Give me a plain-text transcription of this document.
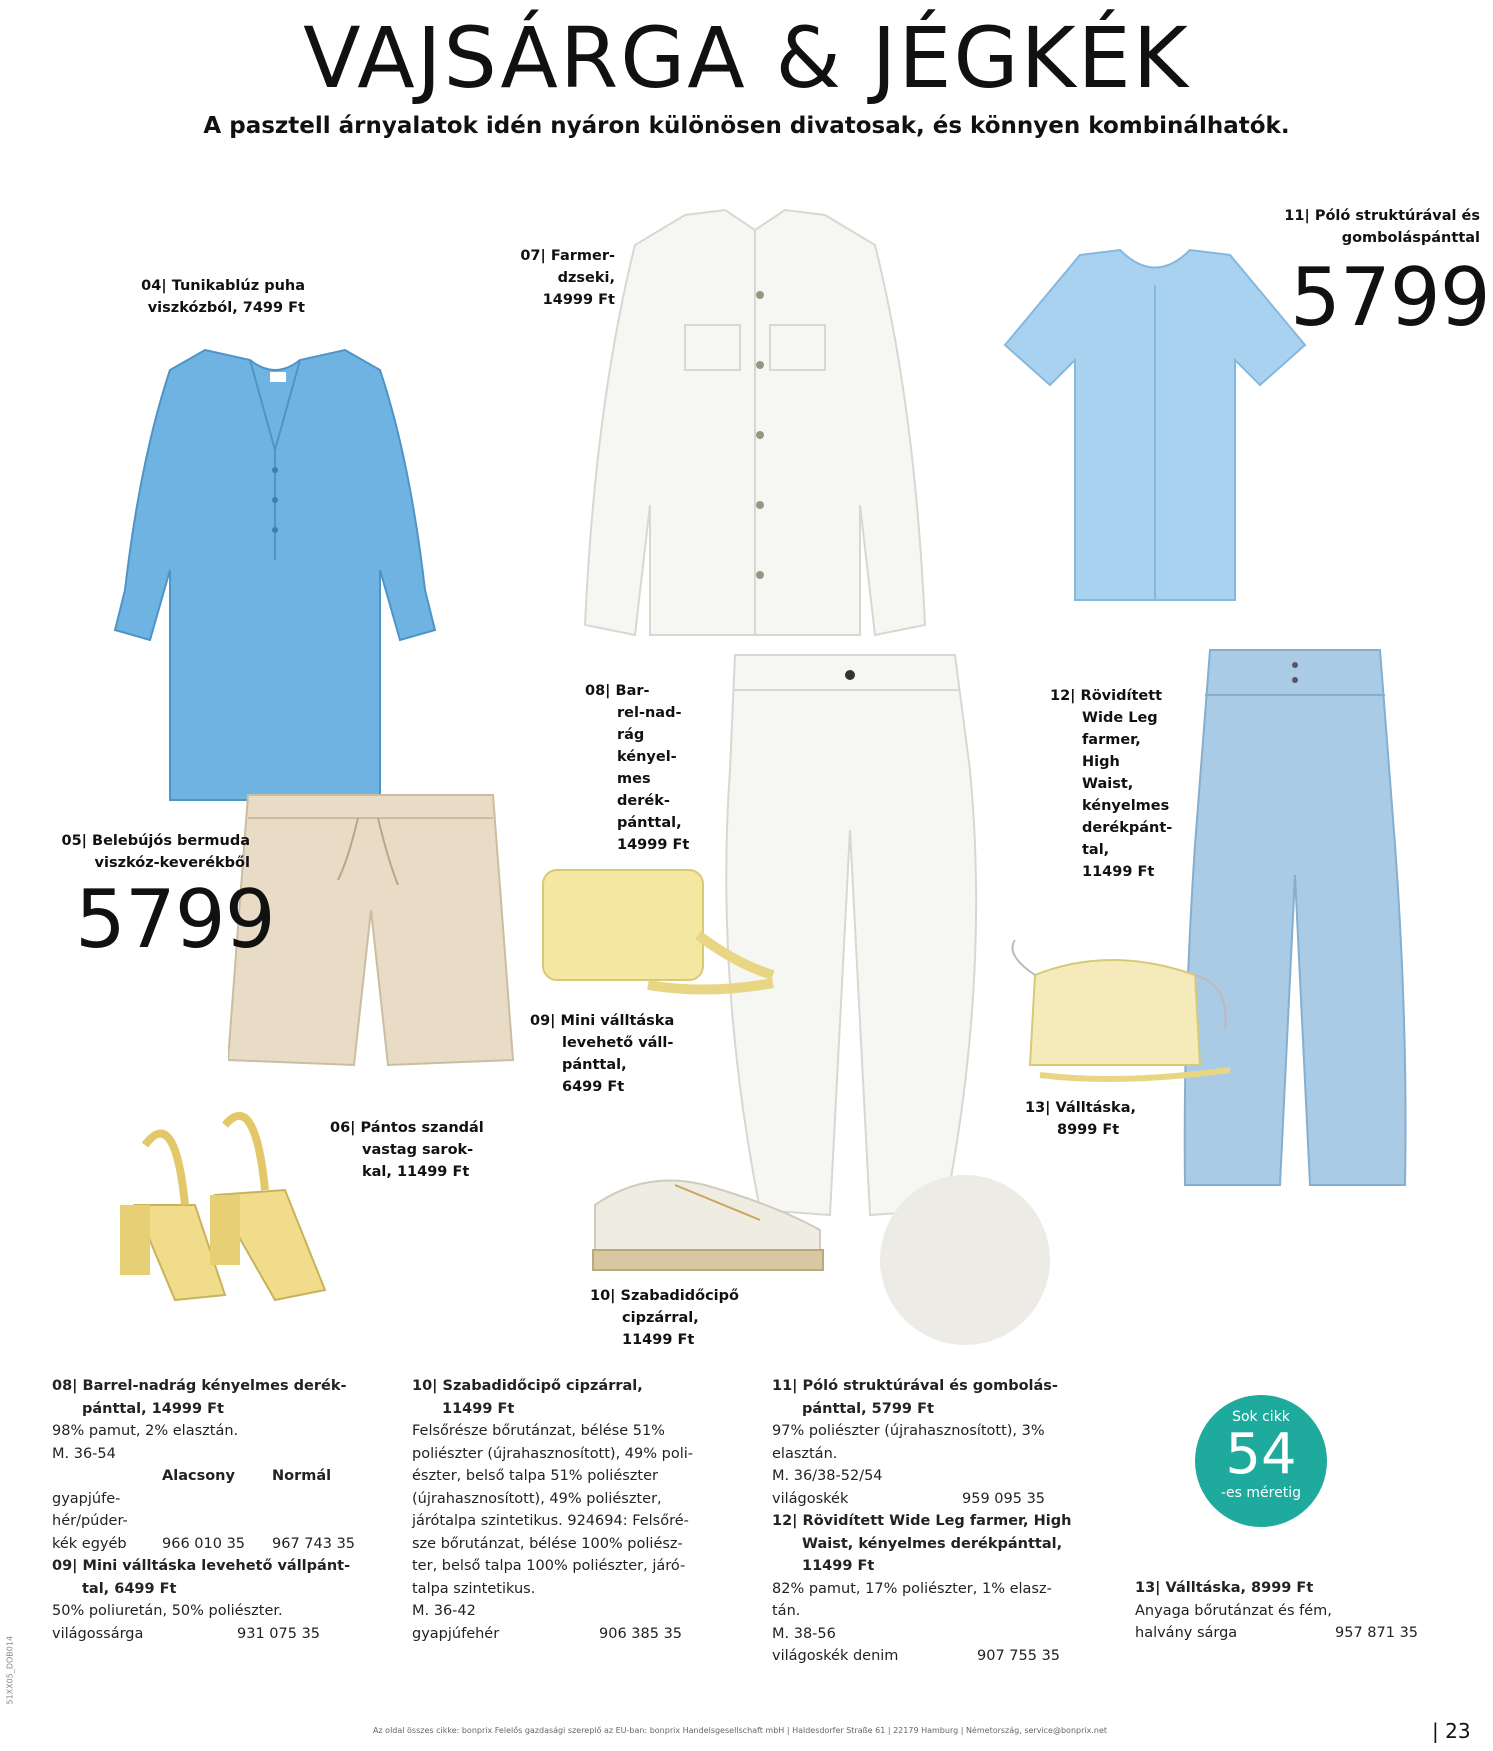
VAJSÁRGA & JÉGKÉK
A pasztell árnyalatok idén nyáron különösen divatosak, és könnyen kombinálhatók.
04| Tunikablúz puha
viszkózból, 7499 Ft
07| Farmer-
dzseki,
14999 Ft
11| Póló struktúrával és
gomboláspánttal
5799
05| Belebújós bermuda
viszkóz-keverékből
5799
08| Bar-
rel-nad-
rág
kényel-
mes
derék-
pánttal,
14999 Ft
12| Rövidített
Wide Leg
farmer,
High
Waist,
kényelmes
derékpánt-
tal,
11499 Ft
09| Mini válltáska
levehető váll-
pánttal,
6499 Ft
13| Válltáska,
8999 Ft
06| Pántos szandál
vastag sarok-
kal, 11499 Ft
10| Szabadidőcipő
cipzárral,
11499 Ft
08| Barrel-nadrág kényelmes derék-
pánttal, 14999 Ft
98% pamut, 2% elasztán.
M. 36-54
Alacsony	Normál
gyapjúfe-
hér/púder-
kék egyéb	966 010 35	967 743 35
09| Mini válltáska levehető vállpánt-
tal, 6499 Ft
50% poliuretán, 50% poliészter.
világossárga	931 075 35
10| Szabadidőcipő cipzárral,
11499 Ft
Felsőrésze bőrutánzat, bélése 51%
poliészter (újrahasznosított), 49% poli-
észter, belső talpa 51% poliészter
(újrahasznosított), 49% poliészter,
járótalpa szintetikus. 924694: Felsőré-
sze bőrutánzat, bélése 100% poliész-
ter, belső talpa 100% poliészter, járó-
talpa szintetikus.
M. 36-42
gyapjúfehér	906 385 35
11| Póló struktúrával és gombolás-
pánttal, 5799 Ft
97% poliészter (újrahasznosított), 3%
elasztán.
M. 36/38-52/54
világoskék	959 095 35
12| Rövidített Wide Leg farmer, High
Waist, kényelmes derékpánttal,
11499 Ft
82% pamut, 17% poliészter, 1% elasz-
tán.
M. 38-56
világoskék denim	907 755 35
Sok cikk
54
-es méretig
13| Válltáska, 8999 Ft
Anyaga bőrutánzat és fém,
halvány sárga	957 871 35
Az oldal összes cikke: bonprix Felelős gazdasági szereplő az EU-ban: bonprix Handelsgesellschaft mbH | Haldesdorfer Straße 61 | 22179 Hamburg | Németország, service@bonprix.net	| 23
51XX05_DOB014
